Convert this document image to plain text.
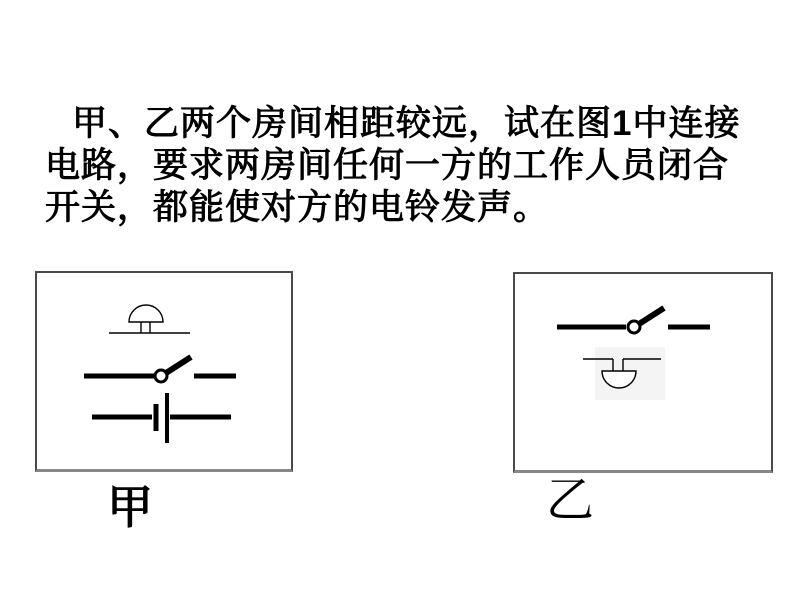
甲、乙两个房间相距较远，试在图1中连接
电路，要求两房间任何一方的工作人员闭合
开关，都能使对方的电铃发声。
甲	乙
